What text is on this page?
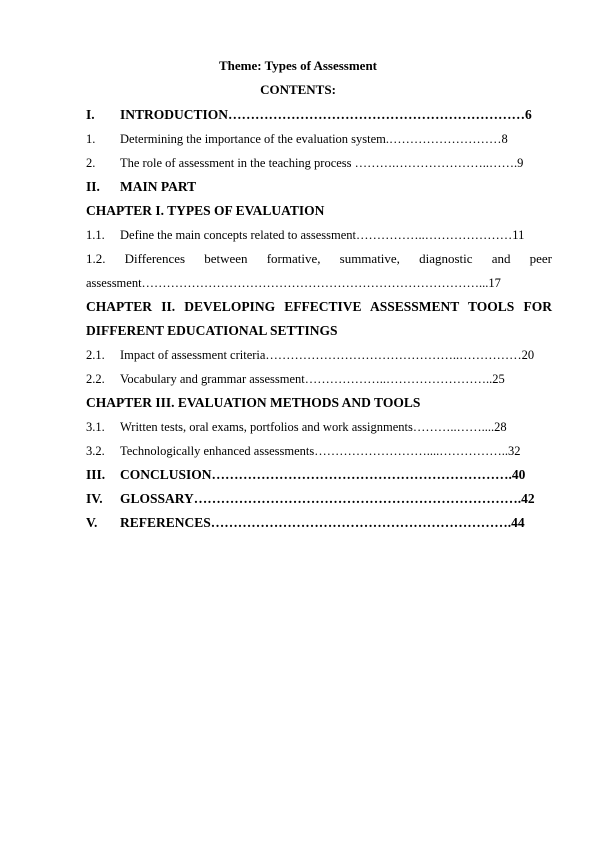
Theme: Types of Assessment
CONTENTS:
I. INTRODUCTION…………………………………………………………6
1. Determining the importance of the evaluation system.………………………8
2. The role of assessment in the teaching process ……….…………………..…….9
II. MAIN PART
CHAPTER I. TYPES OF EVALUATION
1.1. Define the main concepts related to assessment……………..…………………11
1.2. Differences between formative, summative, diagnostic and peer
assessment………………………………………………………………………...17
CHAPTER II. DEVELOPING EFFECTIVE ASSESSMENT TOOLS FOR
DIFFERENT EDUCATIONAL SETTINGS
2.1. Impact of assessment criteria………………………………………..……………20
2.2. Vocabulary and grammar assessment………………..……………………..25
CHAPTER III. EVALUATION METHODS AND TOOLS
3.1. Written tests, oral exams, portfolios and work assignments………..……....28
3.2. Technologically enhanced assessments………………………....……………..32
III. CONCLUSION………………………………………………………….40
IV. GLOSSARY……………………………………………………………….42
V. REFERENCES………………………………………………………….44
